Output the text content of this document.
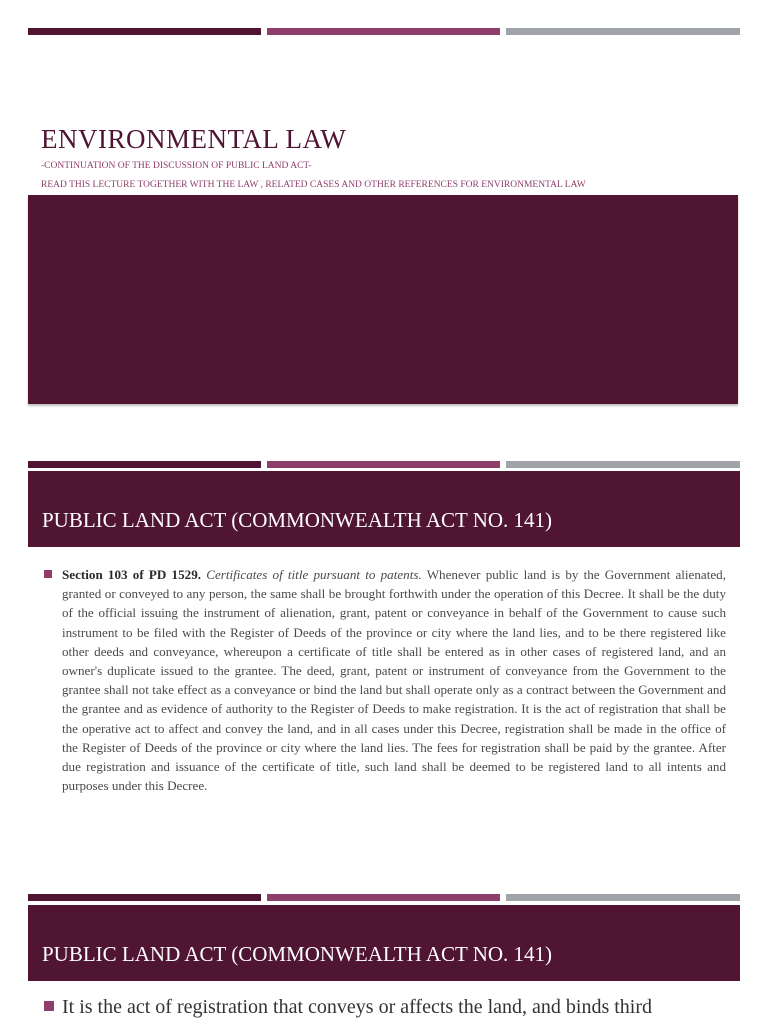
ENVIRONMENTAL LAW
-CONTINUATION OF THE DISCUSSION OF PUBLIC LAND ACT-
READ THIS LECTURE TOGETHER WITH THE LAW , RELATED CASES AND OTHER REFERENCES FOR ENVIRONMENTAL LAW
PUBLIC LAND ACT (COMMONWEALTH ACT NO. 141)
Section 103 of PD 1529. Certificates of title pursuant to patents. Whenever public land is by the Government alienated, granted or conveyed to any person, the same shall be brought forthwith under the operation of this Decree. It shall be the duty of the official issuing the instrument of alienation, grant, patent or conveyance in behalf of the Government to cause such instrument to be filed with the Register of Deeds of the province or city where the land lies, and to be there registered like other deeds and conveyance, whereupon a certificate of title shall be entered as in other cases of registered land, and an owner's duplicate issued to the grantee. The deed, grant, patent or instrument of conveyance from the Government to the grantee shall not take effect as a conveyance or bind the land but shall operate only as a contract between the Government and the grantee and as evidence of authority to the Register of Deeds to make registration. It is the act of registration that shall be the operative act to affect and convey the land, and in all cases under this Decree, registration shall be made in the office of the Register of Deeds of the province or city where the land lies. The fees for registration shall be paid by the grantee. After due registration and issuance of the certificate of title, such land shall be deemed to be registered land to all intents and purposes under this Decree.
PUBLIC LAND ACT (COMMONWEALTH ACT NO. 141)
It is the act of registration that conveys or affects the land, and binds third
